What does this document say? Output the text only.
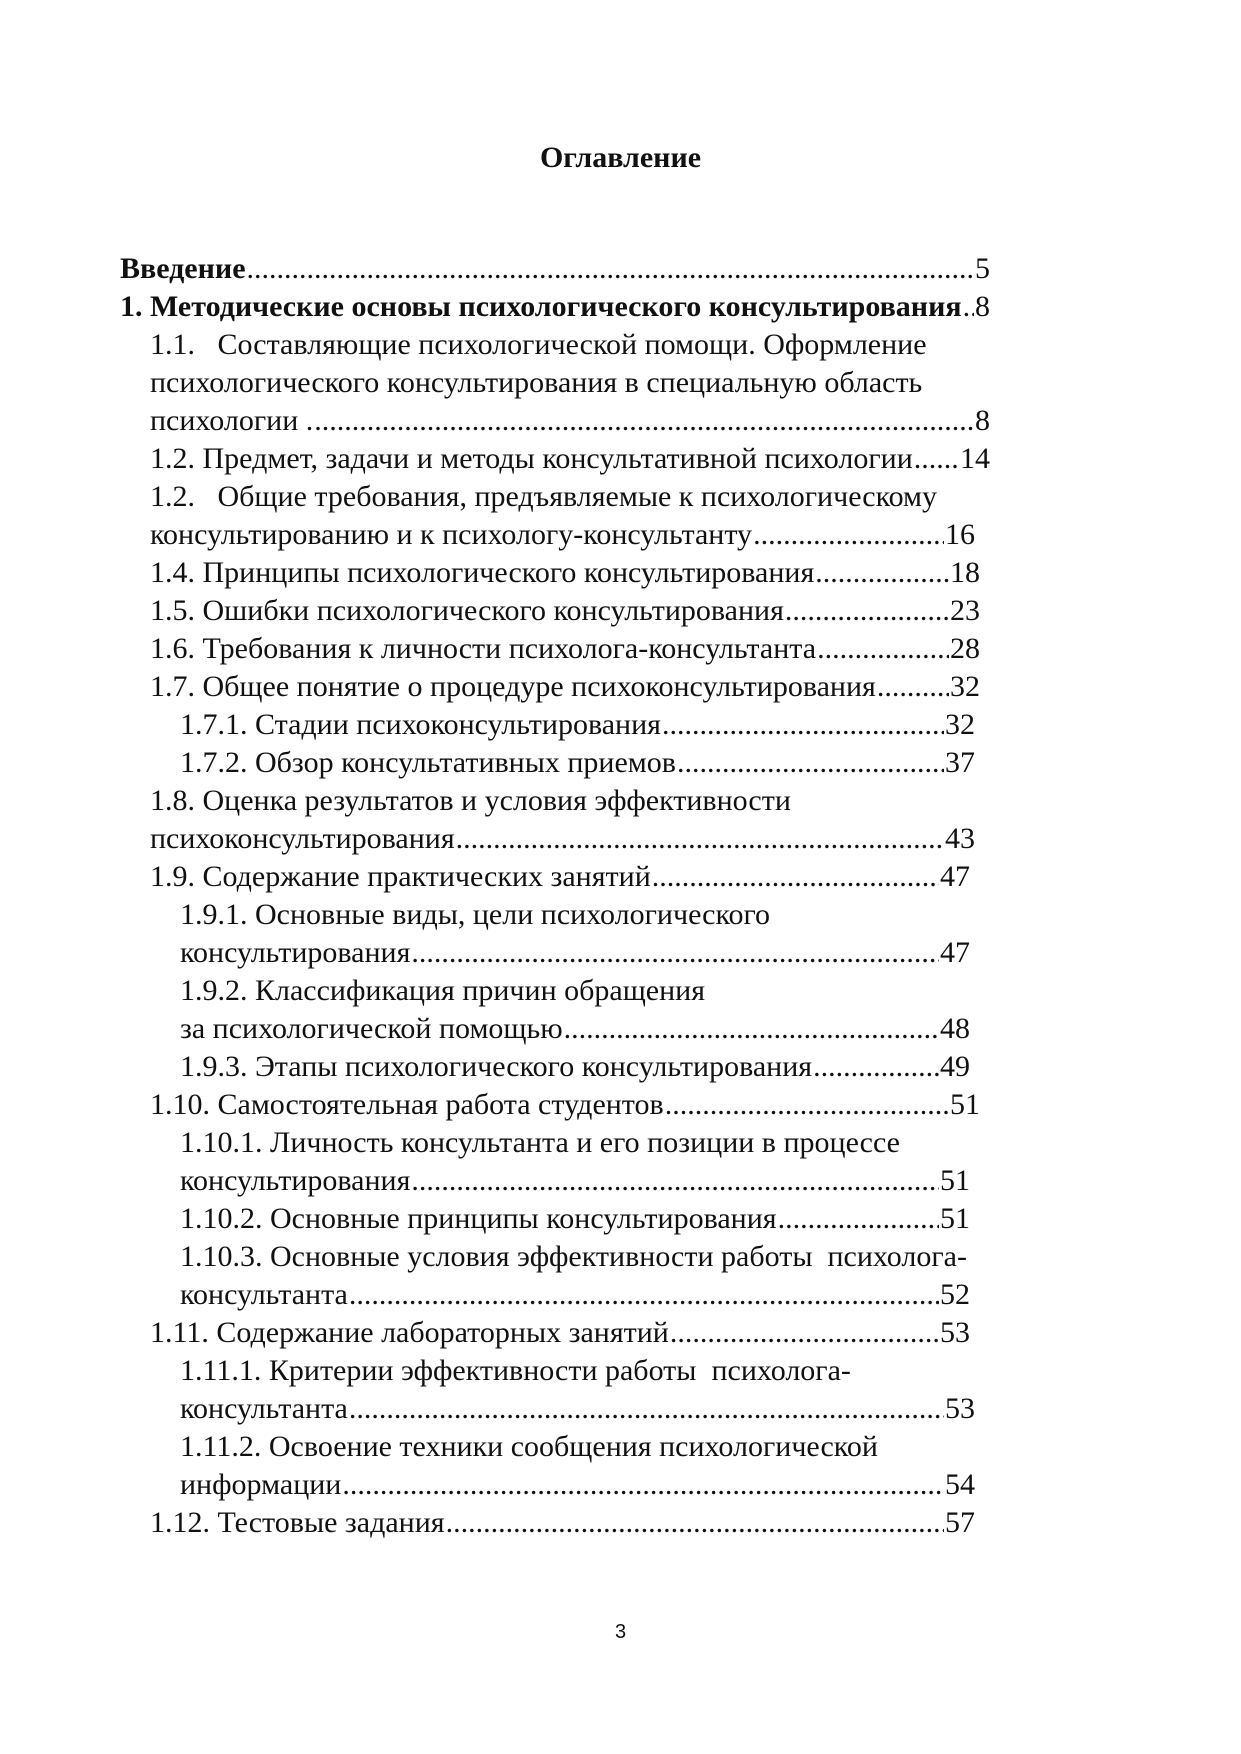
Оглавление
Введение .....	5
1. Методические основы психологического консультирования ..... 8
1.1.   Составляющие психологической помощи. Оформление
психологического консультирования в специальную область
психологии . .....	8
1.2. Предмет, задачи и методы консультативной психологии ..... 14
1.2.   Общие требования, предъявляемые к психологическому
консультированию и к психологу-консультанту .....	16
1.4. Принципы психологического консультирования .....	18
1.5. Ошибки психологического консультирования .....	23
1.6. Требования к личности психолога-консультанта .....	28
1.7. Общее понятие о процедуре психоконсультирования ..... 32
1.7.1. Стадии психоконсультирования .....	32
1.7.2. Обзор консультативных приемов .....	37
1.8. Оценка результатов и условия эффективности
психоконсультирования .....	43
1.9. Содержание практических занятий .....	47
1.9.1. Основные виды, цели психологического
консультирования .....	47
1.9.2. Классификация причин обращения
за психологической помощью .....	48
1.9.3. Этапы психологического консультирования .....	49
1.10. Самостоятельная работа студентов .....	51
1.10.1. Личность консультанта и его позиции в процессе
консультирования .....	51
1.10.2. Основные принципы консультирования .....	51
1.10.3. Основные условия эффективности работы  психолога-
консультанта .....	52
1.11. Содержание лабораторных занятий .....	53
1.11.1. Критерии эффективности работы  психолога-
консультанта .....	53
1.11.2. Освоение техники сообщения психологической
информации .....	54
1.12. Тестовые задания .....	57
3
